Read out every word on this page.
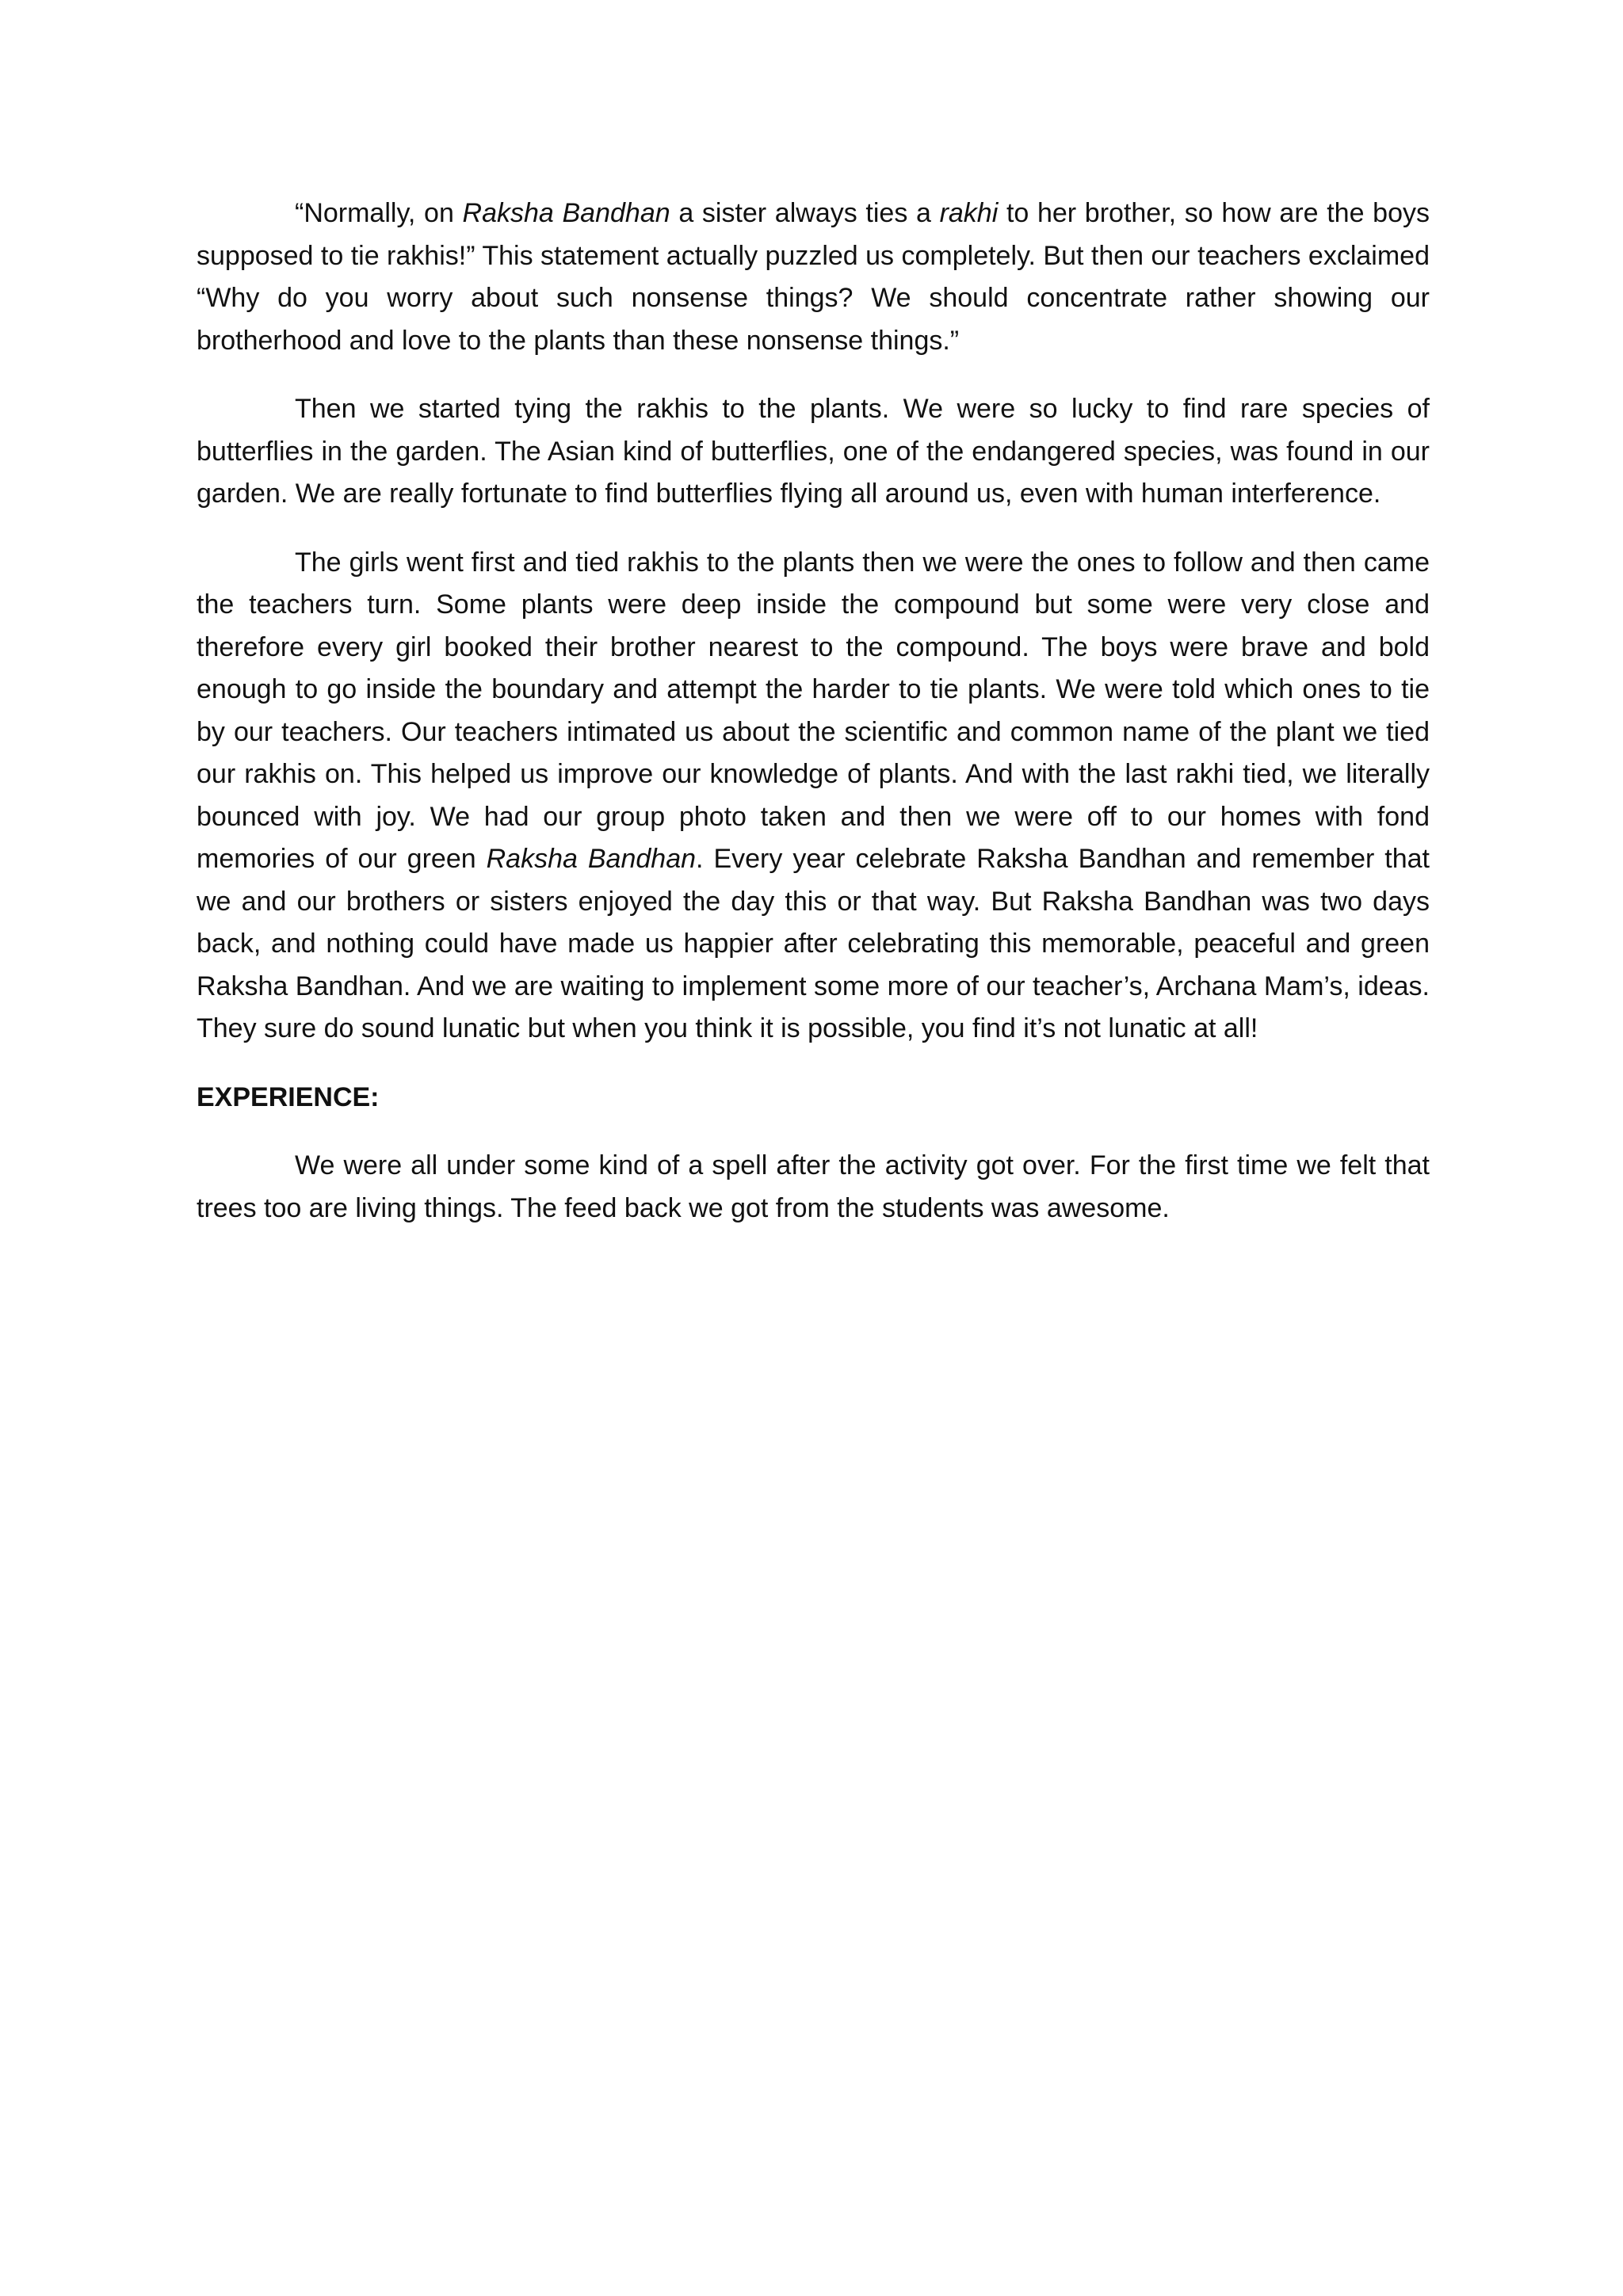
“Normally, on Raksha Bandhan a sister always ties a rakhi to her brother, so how are the boys supposed to tie rakhis!” This statement actually puzzled us completely. But then our teachers exclaimed “Why do you worry about such nonsense things? We should concentrate rather showing our brotherhood and love to the plants than these nonsense things.”

Then we started tying the rakhis to the plants. We were so lucky to find rare species of butterflies in the garden. The Asian kind of butterflies, one of the endangered species, was found in our garden. We are really fortunate to find butterflies flying all around us, even with human interference.

The girls went first and tied rakhis to the plants then we were the ones to follow and then came the teachers turn. Some plants were deep inside the compound but some were very close and therefore every girl booked their brother nearest to the compound. The boys were brave and bold enough to go inside the boundary and attempt the harder to tie plants. We were told which ones to tie by our teachers. Our teachers intimated us about the scientific and common name of the plant we tied our rakhis on. This helped us improve our knowledge of plants. And with the last rakhi tied, we literally bounced with joy. We had our group photo taken and then we were off to our homes with fond memories of our green Raksha Bandhan. Every year celebrate Raksha Bandhan and remember that we and our brothers or sisters enjoyed the day this or that way. But Raksha Bandhan was two days back, and nothing could have made us happier after celebrating this memorable, peaceful and green Raksha Bandhan. And we are waiting to implement some more of our teacher’s, Archana Mam’s, ideas. They sure do sound lunatic but when you think it is possible, you find it’s not lunatic at all!

EXPERIENCE:

We were all under some kind of a spell after the activity got over. For the first time we felt that trees too are living things. The feed back we got from the students was awesome.
